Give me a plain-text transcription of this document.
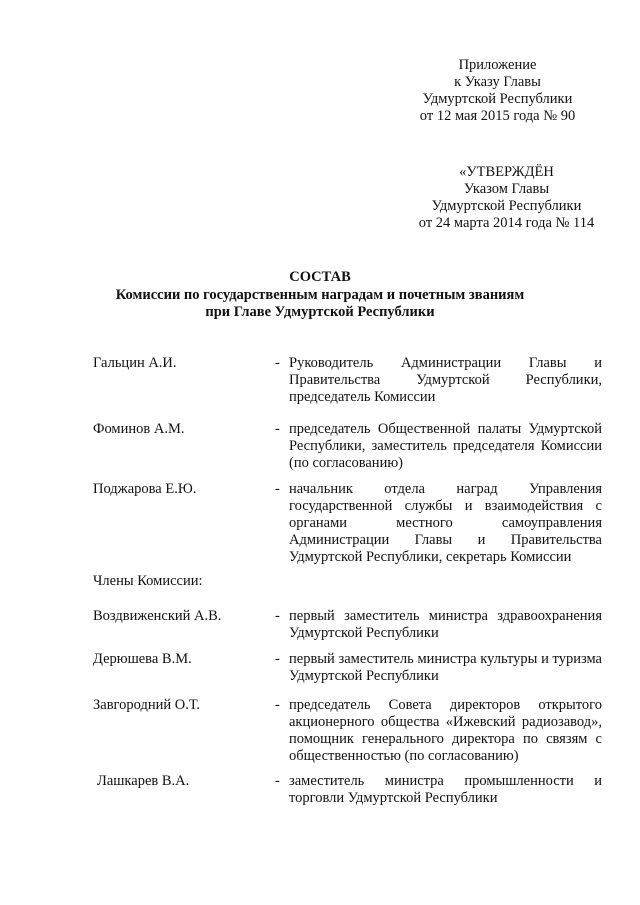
Приложение
к Указу Главы
Удмуртской Республики
от 12 мая 2015 года № 90
«УТВЕРЖДЁН
Указом Главы
Удмуртской Республики
от 24 марта 2014 года № 114
СОСТАВ
Комиссии по государственным наградам и почетным званиям
при Главе Удмуртской Республики
Гальцин А.И.	- Руководитель Администрации Главы и Правительства Удмуртской Республики, председатель Комиссии
Фоминов А.М.	- председатель Общественной палаты Удмуртской Республики, заместитель председателя Комиссии (по согласованию)
Поджарова Е.Ю.	- начальник отдела наград Управления государственной службы и взаимодействия с органами местного самоуправления Администрации Главы и Правительства Удмуртской Республики, секретарь Комиссии
Члены Комиссии:
Воздвиженский А.В.	- первый заместитель министра здравоохранения Удмуртской Республики
Дерюшева В.М.	- первый заместитель министра культуры и туризма Удмуртской Республики
Завгородний О.Т.	- председатель Совета директоров открытого акционерного общества «Ижевский радиозавод», помощник генерального директора по связям с общественностью (по согласованию)
Лашкарев В.А.	- заместитель министра промышленности и торговли Удмуртской Республики
